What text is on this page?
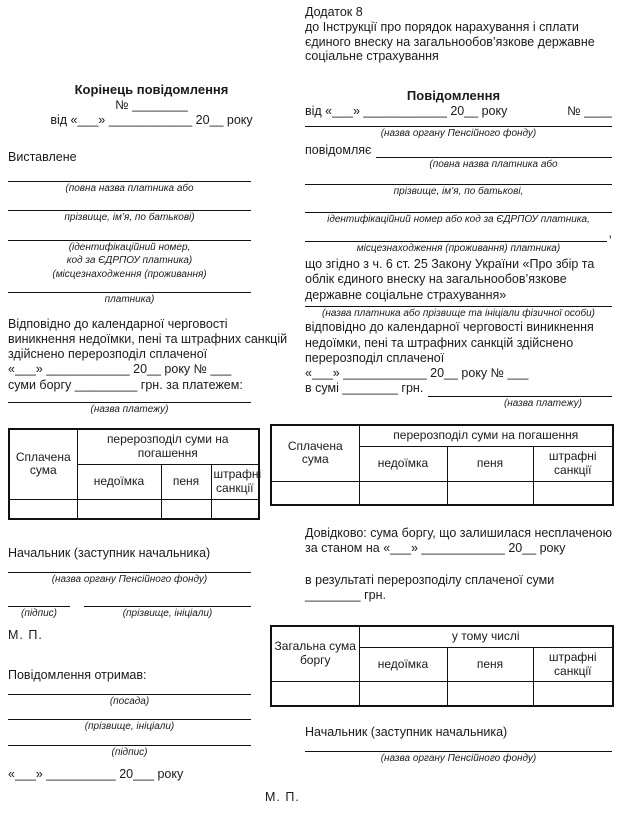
Додаток 8
до Інструкції про порядок нарахування і сплати
єдиного внеску на загальнообов’язкове державне
соціальне страхування
Корінець повідомлення
№ ________
від «___» ____________ 20__ року
Виставлене
(повна назва платника або
прізвище, ім’я, по батькові)
(ідентифікаційний номер,
код за ЄДРПОУ платника)
(місцезнаходження (проживання)
платника)

Відповідно до календарної черговості виникнення недоїмки, пені та штрафних санкцій здійснено перерозподіл сплаченої

«___» ____________ 20__ року № ___
суми боргу _________ грн. за платежем:
(назва платежу)
Сплачена сума	перерозподіл суми на погашення		
	недоїмка	пеня	штрафні санкції

Начальник (заступник начальника)
(назва органу Пенсійного фонду)
(підпис)	(прізвище, ініціали)
М. П.
Повідомлення отримав:
(посада)
(прізвище, ініціали)
(підпис)
«___» __________ 20___ року
Повідомлення
від «___» ____________ 20__ року	№ ____
(назва органу Пенсійного фонду)
повідомляє
(повна назва платника або
прізвище, ім’я, по батькові,
ідентифікаційний номер або код за ЄДРПОУ платника,
,
місцезнаходження (проживання) платника)

що згідно з ч. 6 ст. 25 Закону України «Про збір та облік єдиного внеску на загальнообов’язкове державне соціальне страхування»

(назва платника або прізвище та ініціали фізичної особи)

відповідно до календарної черговості виникнення недоїмки, пені та штрафних санкцій здійснено перерозподіл сплаченої

«___» ____________ 20__ року № ___
в сумі ________ грн.
(назва платежу)
Сплачена сума	перерозподіл суми на погашення		
	недоїмка	пеня	штрафні санкції

Довідково: сума боргу, що залишилася несплаченою за станом на «___» ____________ 20__ року

в результаті перерозподілу сплаченої суми ________ грн.
Загальна сума боргу	у тому числі		
	недоїмка	пеня	штрафні санкції

Начальник (заступник начальника)
(назва органу Пенсійного фонду)
М. П.
